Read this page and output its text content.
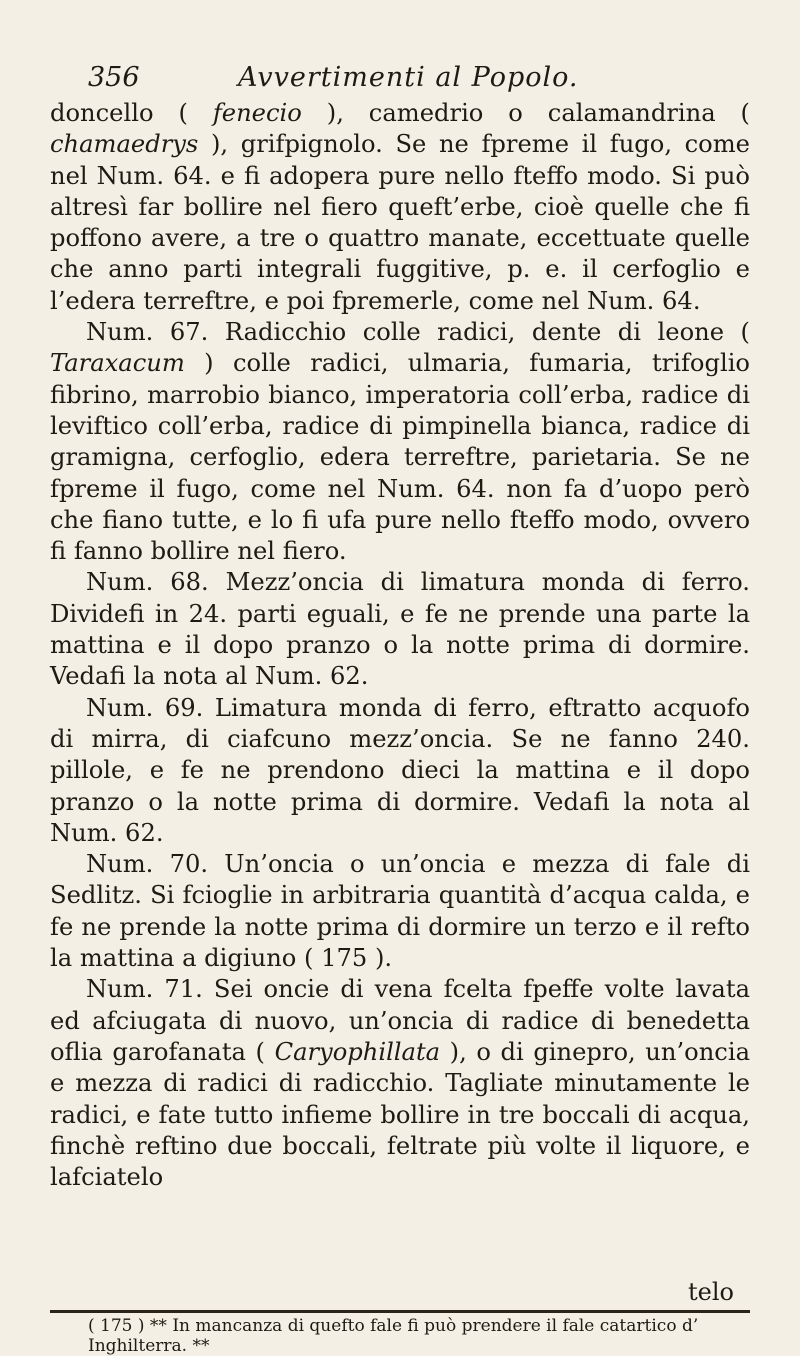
356	Avvertimenti al Popolo.

doncello ( fenecio ), camedrio o calamandrina ( chamaedrys ), grifpignolo. Se ne fpreme il fugo, come nel Num. 64. e fi adopera pure nello fteffo modo. Si può altresì far bollire nel fiero queft’erbe, cioè quelle che fi poffono avere, a tre o quattro manate, eccettuate quelle che anno parti integrali fuggitive, p. e. il cerfoglio e l’edera terreftre, e poi fpremerle, come nel Num. 64.

Num. 67. Radicchio colle radici, dente di leone ( Taraxacum ) colle radici, ulmaria, fumaria, trifoglio fibrino, marrobio bianco, imperatoria coll’erba, radice di leviftico coll’erba, radice di pimpinella bianca, radice di gramigna, cerfoglio, edera terreftre, parietaria. Se ne fpreme il fugo, come nel Num. 64. non fa d’uopo però che fiano tutte, e lo fi ufa pure nello fteffo modo, ovvero fi fanno bollire nel fiero.

Num. 68. Mezz’oncia di limatura monda di ferro. Dividefi in 24. parti eguali, e fe ne prende una parte la mattina e il dopo pranzo o la notte prima di dormire. Vedafi la nota al Num. 62.

Num. 69. Limatura monda di ferro, eftratto acquofo di mirra, di ciafcuno mezz’oncia. Se ne fanno 240. pillole, e fe ne prendono dieci la mattina e il dopo pranzo o la notte prima di dormire. Vedafi la nota al Num. 62.

Num. 70. Un’oncia o un’oncia e mezza di fale di Sedlitz. Si fcioglie in arbitraria quantità d’acqua calda, e fe ne prende la notte prima di dormire un terzo e il refto la mattina a digiuno ( 175 ).

Num. 71. Sei oncie di vena fcelta fpeffe volte lavata ed afciugata di nuovo, un’oncia di radice di benedetta oflia garofanata ( Caryophillata ), o di ginepro, un’oncia e mezza di radici di radicchio. Tagliate minutamente le radici, e fate tutto infieme bollire in tre boccali di acqua, finchè reftino due boccali, feltrate più volte il liquore, e lafciatelo

telo
( 175 ) ** In mancanza di quefto fale fi può prendere il fale catartico d’ Inghilterra. **
